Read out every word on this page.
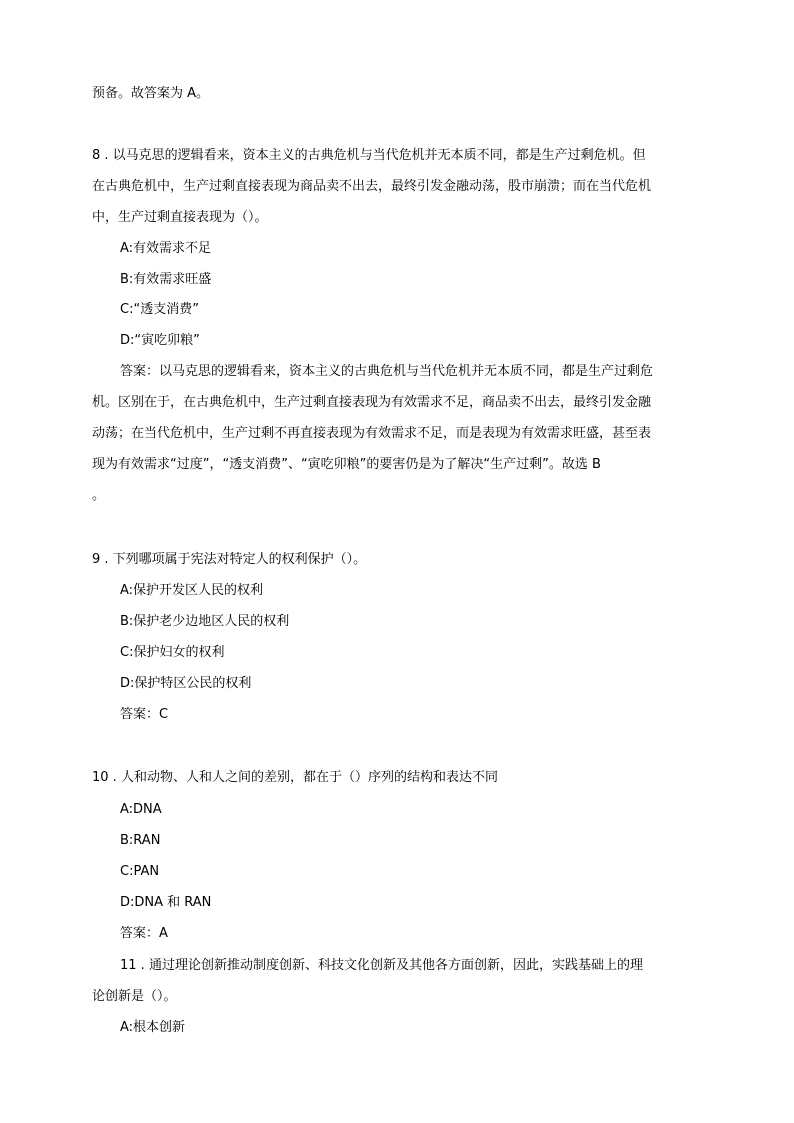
预备。故答案为 A。
8 . 以马克思的逻辑看来，资本主义的古典危机与当代危机并无本质不同，都是生产过剩危机。但
在古典危机中，生产过剩直接表现为商品卖不出去，最终引发金融动荡，股市崩溃；而在当代危机
中，生产过剩直接表现为（）。
A:有效需求不足
B:有效需求旺盛
C:“透支消费”
D:“寅吃卯粮”
答案：以马克思的逻辑看来，资本主义的古典危机与当代危机并无本质不同，都是生产过剩危
机。区别在于，在古典危机中，生产过剩直接表现为有效需求不足，商品卖不出去，最终引发金融
动荡；在当代危机中，生产过剩不再直接表现为有效需求不足，而是表现为有效需求旺盛，甚至表
现为有效需求“过度”，“透支消费”、“寅吃卯粮”的要害仍是为了解决“生产过剩”。故选 B
。
9 . 下列哪项属于宪法对特定人的权利保护（）。
A:保护开发区人民的权利
B:保护老少边地区人民的权利
C:保护妇女的权利
D:保护特区公民的权利
答案：C
10 . 人和动物、人和人之间的差别，都在于（）序列的结构和表达不同
A:DNA
B:RAN
C:PAN
D:DNA 和 RAN
答案：A
11 . 通过理论创新推动制度创新、科技文化创新及其他各方面创新，因此，实践基础上的理
论创新是（）。
A:根本创新
